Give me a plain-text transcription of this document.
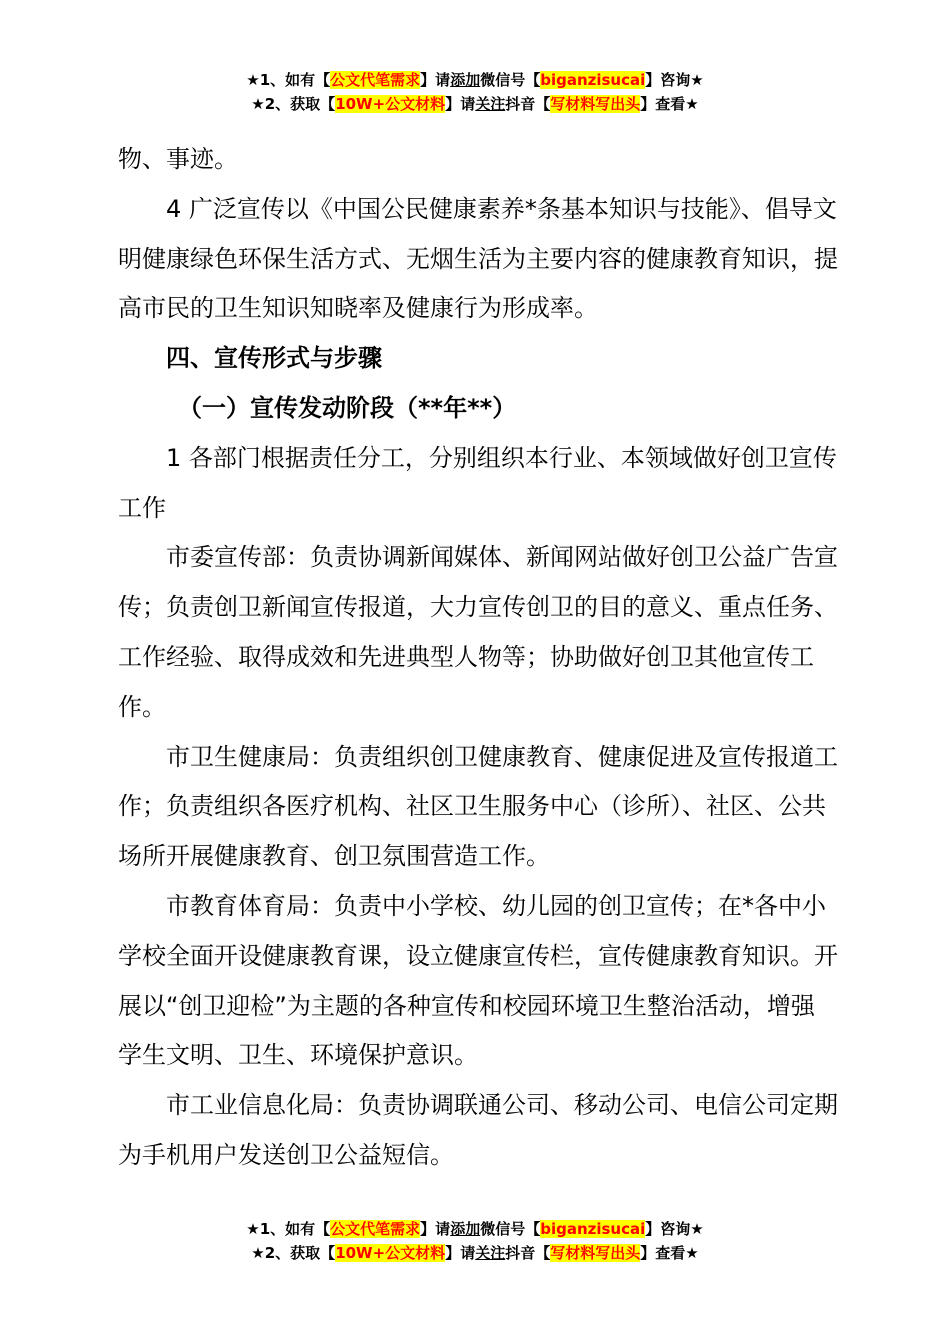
★1、如有【公文代笔需求】请添加微信号【biganzisucai】咨询★
★2、获取【10W+公文材料】请关注抖音【写材料写出头】查看★

物、事迹。

4 广泛宣传以《中国公民健康素养*条基本知识与技能》、倡导文明健康绿色环保生活方式、无烟生活为主要内容的健康教育知识，提高市民的卫生知识知晓率及健康行为形成率。

四、宣传形式与步骤

（一）宣传发动阶段（**年**）

1 各部门根据责任分工，分别组织本行业、本领域做好创卫宣传工作

市委宣传部：负责协调新闻媒体、新闻网站做好创卫公益广告宣传；负责创卫新闻宣传报道，大力宣传创卫的目的意义、重点任务、工作经验、取得成效和先进典型人物等；协助做好创卫其他宣传工作。

市卫生健康局：负责组织创卫健康教育、健康促进及宣传报道工作；负责组织各医疗机构、社区卫生服务中心（诊所）、社区、公共场所开展健康教育、创卫氛围营造工作。

市教育体育局：负责中小学校、幼儿园的创卫宣传；在*各中小学校全面开设健康教育课，设立健康宣传栏，宣传健康教育知识。开展以“创卫迎检”为主题的各种宣传和校园环境卫生整治活动，增强学生文明、卫生、环境保护意识。

市工业信息化局：负责协调联通公司、移动公司、电信公司定期为手机用户发送创卫公益短信。

★1、如有【公文代笔需求】请添加微信号【biganzisucai】咨询★
★2、获取【10W+公文材料】请关注抖音【写材料写出头】查看★
